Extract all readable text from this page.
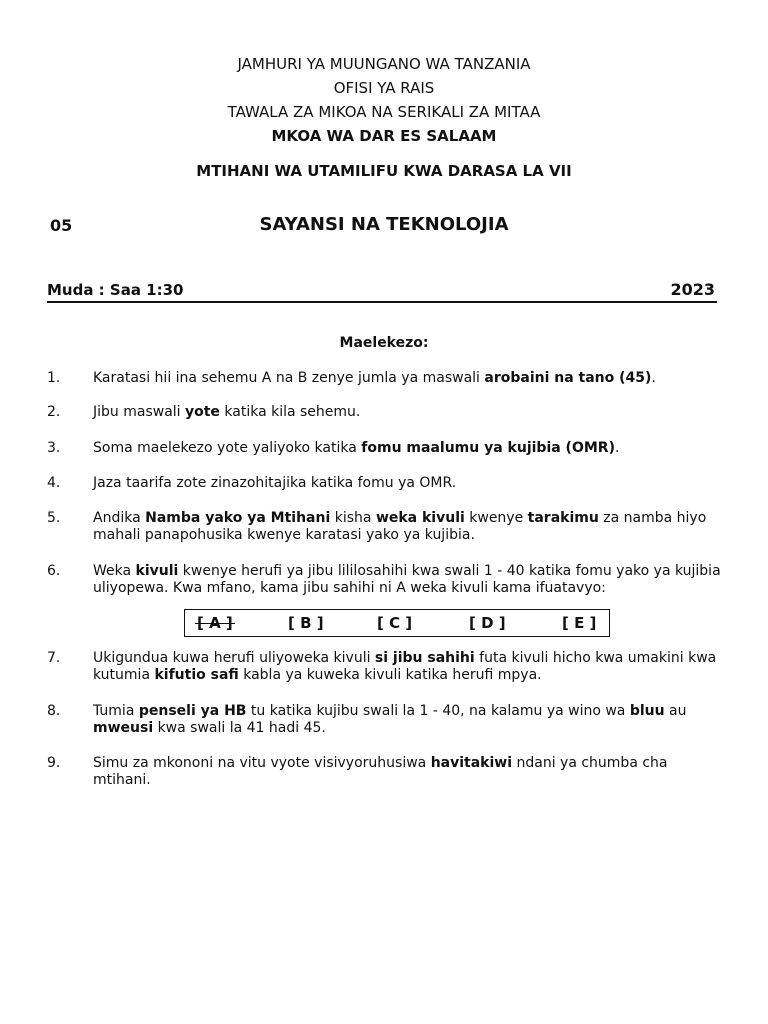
JAMHURI YA MUUNGANO WA TANZANIA
OFISI YA RAIS
TAWALA ZA MIKOA NA SERIKALI ZA MITAA
MKOA WA DAR ES SALAAM
MTIHANI WA UTAMILIFU KWA DARASA LA VII
05	SAYANSI NA TEKNOLOJIA
Muda : Saa 1:30	2023
Maelekezo:
1. Karatasi hii ina sehemu A na B zenye jumla ya maswali arobaini na tano (45).
2. Jibu maswali yote katika kila sehemu.
3. Soma maelekezo yote yaliyoko katika fomu maalumu ya kujibia (OMR).
4. Jaza taarifa zote zinazohitajika katika fomu ya OMR.
5. Andika Namba yako ya Mtihani kisha weka kivuli kwenye tarakimu za namba hiyo mahali panapohusika kwenye karatasi yako ya kujibia.
6. Weka kivuli kwenye herufi ya jibu lililosahihi kwa swali 1 - 40 katika fomu yako ya kujibia uliyopewa. Kwa mfano, kama jibu sahihi ni A weka kivuli kama ifuatavyo:
[ A ]	[ B ]	[ C ]	[ D ]	[ E ]
7. Ukigundua kuwa herufi uliyoweka kivuli si jibu sahihi futa kivuli hicho kwa umakini kwa kutumia kifutio safi kabla ya kuweka kivuli katika herufi mpya.
8. Tumia penseli ya HB tu katika kujibu swali la 1 - 40, na kalamu ya wino wa bluu au mweusi kwa swali la 41 hadi 45.
9. Simu za mkononi na vitu vyote visivyoruhusiwa havitakiwi ndani ya chumba cha mtihani.
